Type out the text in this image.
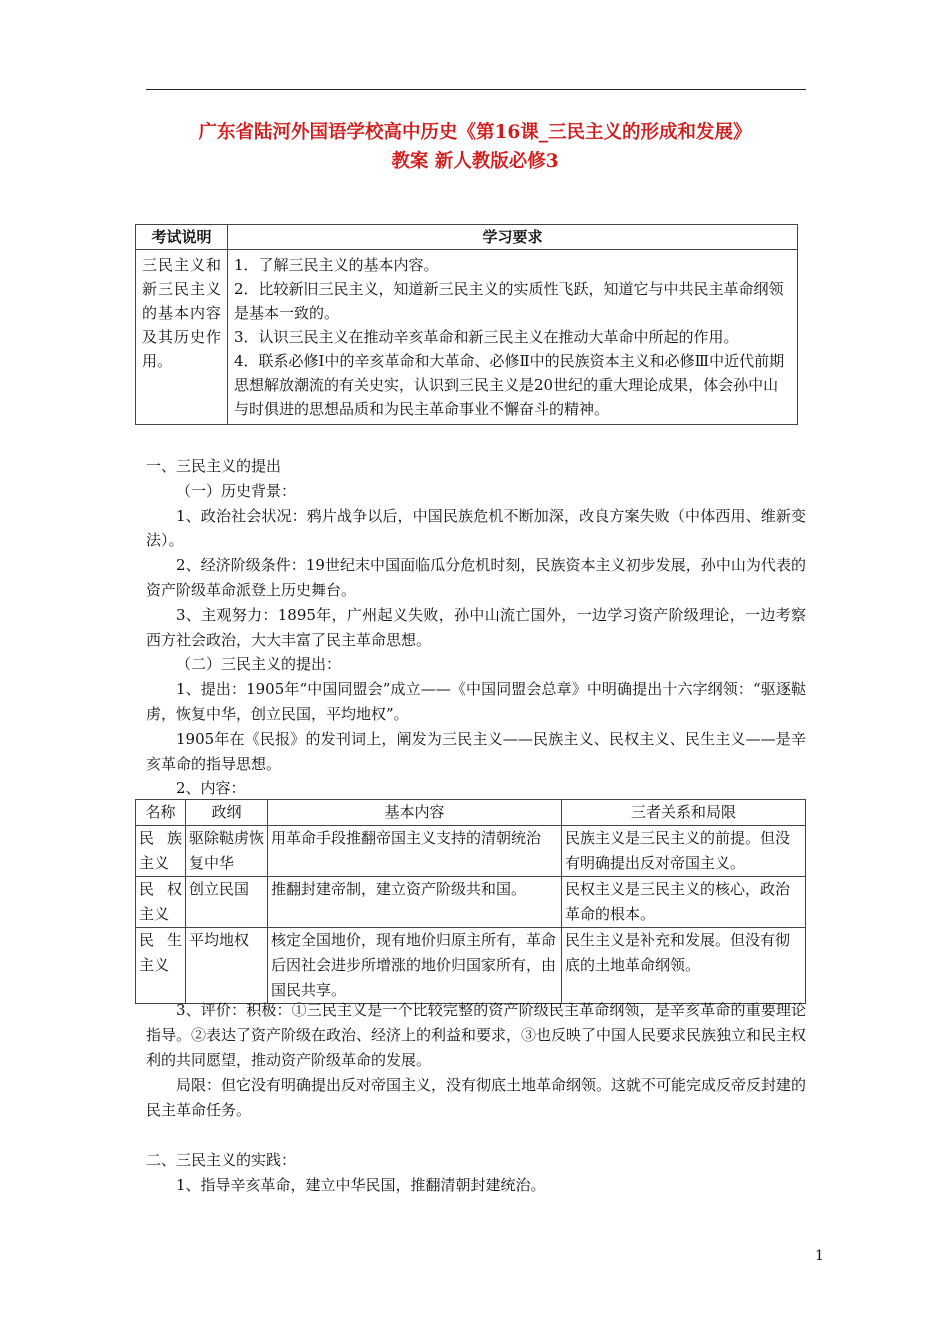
广东省陆河外国语学校高中历史《第16课_三民主义的形成和发展》
教案 新人教版必修3
考试说明	学习要求
三民主义和新三民主义的基本内容及其历史作用。	1．了解三民主义的基本内容。

2．比较新旧三民主义，知道新三民主义的实质性飞跃，知道它与中共民主革命纲领是基本一致的。

3．认识三民主义在推动辛亥革命和新三民主义在推动大革命中所起的作用。

4．联系必修Ⅰ中的辛亥革命和大革命、必修Ⅱ中的民族资本主义和必修Ⅲ中近代前期思想解放潮流的有关史实，认识到三民主义是20世纪的重大理论成果，体会孙中山与时俱进的思想品质和为民主革命事业不懈奋斗的精神。

一、三民主义的提出

（一）历史背景：

1、政治社会状况：鸦片战争以后，中国民族危机不断加深，改良方案失败（中体西用、维新变法）。

2、经济阶级条件：19世纪末中国面临瓜分危机时刻，民族资本主义初步发展，孙中山为代表的资产阶级革命派登上历史舞台。

3、主观努力：1895年，广州起义失败，孙中山流亡国外，一边学习资产阶级理论，一边考察西方社会政治，大大丰富了民主革命思想。

（二）三民主义的提出：

1、提出：1905年“中国同盟会”成立——《中国同盟会总章》中明确提出十六字纲领：“驱逐鞑虏，恢复中华，创立民国，平均地权”。

1905年在《民报》的发刊词上，阐发为三民主义——民族主义、民权主义、民生主义——是辛亥革命的指导思想。

2、内容：

名称	政纲	基本内容	三者关系和局限
民族主义	驱除鞑虏恢复中华	用革命手段推翻帝国主义支持的清朝统治	民族主义是三民主义的前提。但没有明确提出反对帝国主义。
民权主义	创立民国	推翻封建帝制，建立资产阶级共和国。	民权主义是三民主义的核心，政治革命的根本。
民生主义	平均地权	核定全国地价，现有地价归原主所有，革命后因社会进步所增涨的地价归国家所有，由国民共享。	民生主义是补充和发展。但没有彻底的土地革命纲领。

3、评价：积极：①三民主义是一个比较完整的资产阶级民主革命纲领，是辛亥革命的重要理论指导。②表达了资产阶级在政治、经济上的利益和要求，③也反映了中国人民要求民族独立和民主权利的共同愿望，推动资产阶级革命的发展。

局限：但它没有明确提出反对帝国主义，没有彻底土地革命纲领。这就不可能完成反帝反封建的民主革命任务。

二、三民主义的实践：

1、指导辛亥革命，建立中华民国，推翻清朝封建统治。

1
